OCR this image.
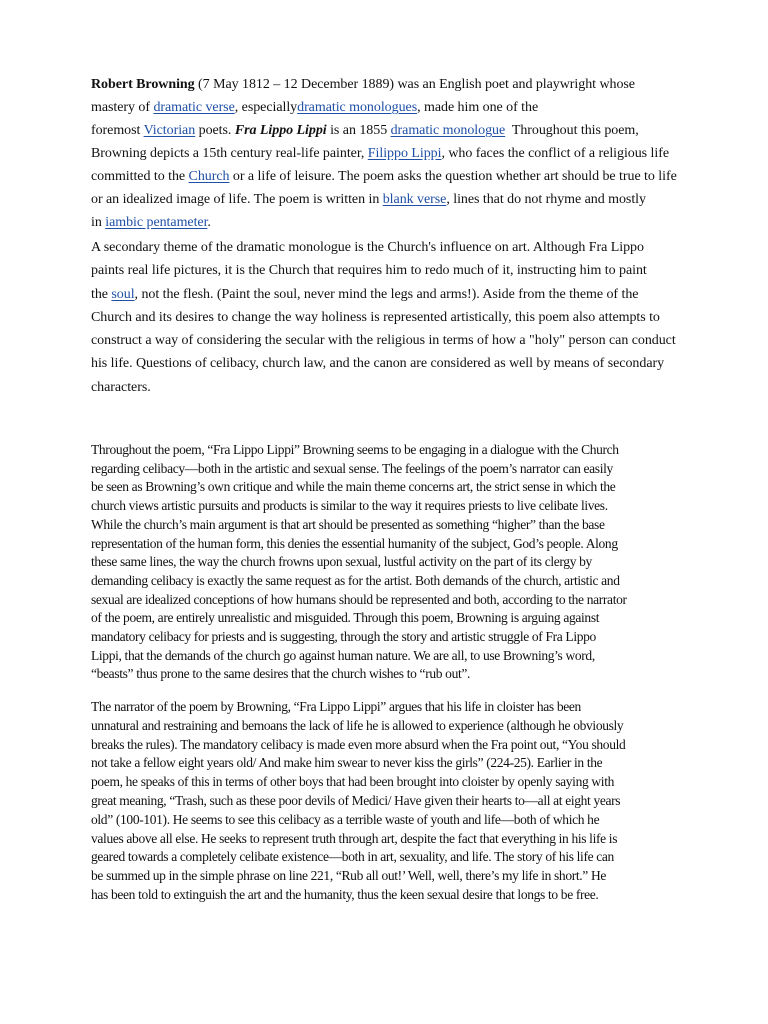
Robert Browning (7 May 1812 – 12 December 1889) was an English poet and playwright whose

mastery of dramatic verse, especiallydramatic monologues, made him one of the

foremost Victorian poets. Fra Lippo Lippi is an 1855 dramatic monologue  Throughout this poem,

Browning depicts a 15th century real-life painter, Filippo Lippi, who faces the conflict of a religious life

committed to the Church or a life of leisure. The poem asks the question whether art should be true to life

or an idealized image of life. The poem is written in blank verse, lines that do not rhyme and mostly

in iambic pentameter.

A secondary theme of the dramatic monologue is the Church's influence on art. Although Fra Lippo

paints real life pictures, it is the Church that requires him to redo much of it, instructing him to paint

the soul, not the flesh. (Paint the soul, never mind the legs and arms!). Aside from the theme of the

Church and its desires to change the way holiness is represented artistically, this poem also attempts to

construct a way of considering the secular with the religious in terms of how a "holy" person can conduct

his life. Questions of celibacy, church law, and the canon are considered as well by means of secondary

characters.

Throughout the poem, “Fra Lippo Lippi” Browning seems to be engaging in a dialogue with the Church

regarding celibacy—both in the artistic and sexual sense. The feelings of the poem’s narrator can easily

be seen as Browning’s own critique and while the main theme concerns art, the strict sense in which the

church views artistic pursuits and products is similar to the way it requires priests to live celibate lives.

While the church’s main argument is that art should be presented as something “higher” than the base

representation of the human form, this denies the essential humanity of the subject, God’s people. Along

these same lines, the way the church frowns upon sexual, lustful activity on the part of its clergy by

demanding celibacy is exactly the same request as for the artist. Both demands of the church, artistic and

sexual are idealized conceptions of how humans should be represented and both, according to the narrator

of the poem, are entirely unrealistic and misguided. Through this poem, Browning is arguing against

mandatory celibacy for priests and is suggesting, through the story and artistic struggle of Fra Lippo

Lippi, that the demands of the church go against human nature. We are all, to use Browning’s word,

“beasts” thus prone to the same desires that the church wishes to “rub out”.

The narrator of the poem by Browning, “Fra Lippo Lippi” argues that his life in cloister has been

unnatural and restraining and bemoans the lack of life he is allowed to experience (although he obviously

breaks the rules). The mandatory celibacy is made even more absurd when the Fra point out, “You should

not take a fellow eight years old/ And make him swear to never kiss the girls” (224-25). Earlier in the

poem, he speaks of this in terms of other boys that had been brought into cloister by openly saying with

great meaning, “Trash, such as these poor devils of Medici/ Have given their hearts to—all at eight years

old” (100-101). He seems to see this celibacy as a terrible waste of youth and life—both of which he

values above all else. He seeks to represent truth through art, despite the fact that everything in his life is

geared towards a completely celibate existence—both in art, sexuality, and life. The story of his life can

be summed up in the simple phrase on line 221, “Rub all out!’ Well, well, there’s my life in short.” He

has been told to extinguish the art and the humanity, thus the keen sexual desire that longs to be free.
